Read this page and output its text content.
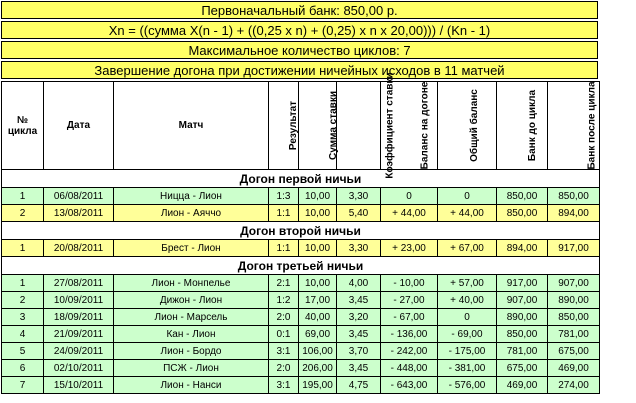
Первоначальный банк: 850,00 р.
Xn = ((сумма X(n - 1) + ((0,25 x n) + (0,25) x n x 20,00))) / (Kn - 1)
Максимальное количество циклов: 7
Завершение догона при достижении ничейных исходов в 11 матчей
№
цикла	Дата	Матч	Результат	Сумма ставки	Коэффициент ставки	Баланс на догоне	Общий баланс	Банк до цикла	Банк после цикла
Догон первой ничьи									
1	06/08/2011	Ницца - Лион	1:3	10,00	3,30	0	0	850,00	850,00
2	13/08/2011	Лион - Аяччо	1:1	10,00	5,40	+ 44,00	+ 44,00	850,00	894,00
Догон второй ничьи									
1	20/08/2011	Брест - Лион	1:1	10,00	3,30	+ 23,00	+ 67,00	894,00	917,00
Догон третьей ничьи									
1	27/08/2011	Лион - Монпелье	2:1	10,00	4,00	- 10,00	+ 57,00	917,00	907,00
2	10/09/2011	Дижон - Лион	1:2	17,00	3,45	- 27,00	+ 40,00	907,00	890,00
3	18/09/2011	Лион - Марсель	2:0	40,00	3,20	- 67,00	0	890,00	850,00
4	21/09/2011	Кан - Лион	0:1	69,00	3,45	- 136,00	- 69,00	850,00	781,00
5	24/09/2011	Лион - Бордо	3:1	106,00	3,70	- 242,00	- 175,00	781,00	675,00
6	02/10/2011	ПСЖ - Лион	2:0	206,00	3,45	- 448,00	- 381,00	675,00	469,00
7	15/10/2011	Лион - Нанси	3:1	195,00	4,75	- 643,00	- 576,00	469,00	274,00
